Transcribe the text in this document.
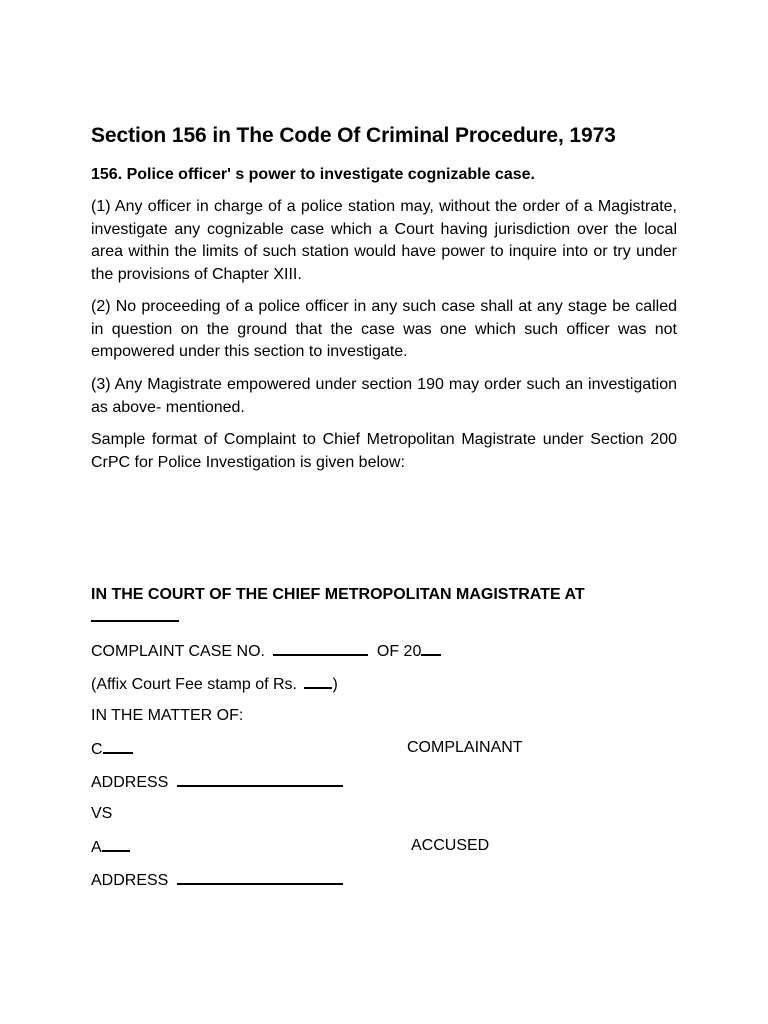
Section 156 in The Code Of Criminal Procedure, 1973
156. Police officer' s power to investigate cognizable case.

(1) Any officer in charge of a police station may, without the order of a Magistrate, investigate any cognizable case which a Court having jurisdiction over the local area within the limits of such station would have power to inquire into or try under the provisions of Chapter XIII.

(2) No proceeding of a police officer in any such case shall at any stage be called in question on the ground that the case was one which such officer was not empowered under this section to investigate.

(3) Any Magistrate empowered under section 190 may order such an investigation as above- mentioned.

Sample format of Complaint to Chief Metropolitan Magistrate under Section 200 CrPC for Police Investigation is given below:

IN THE COURT OF THE CHIEF METROPOLITAN MAGISTRATE AT
COMPLAINT CASE NO.	OF 20
(Affix Court Fee stamp of Rs. )
IN THE MATTER OF:
C	COMPLAINANT
ADDRESS
VS
A	ACCUSED
ADDRESS
